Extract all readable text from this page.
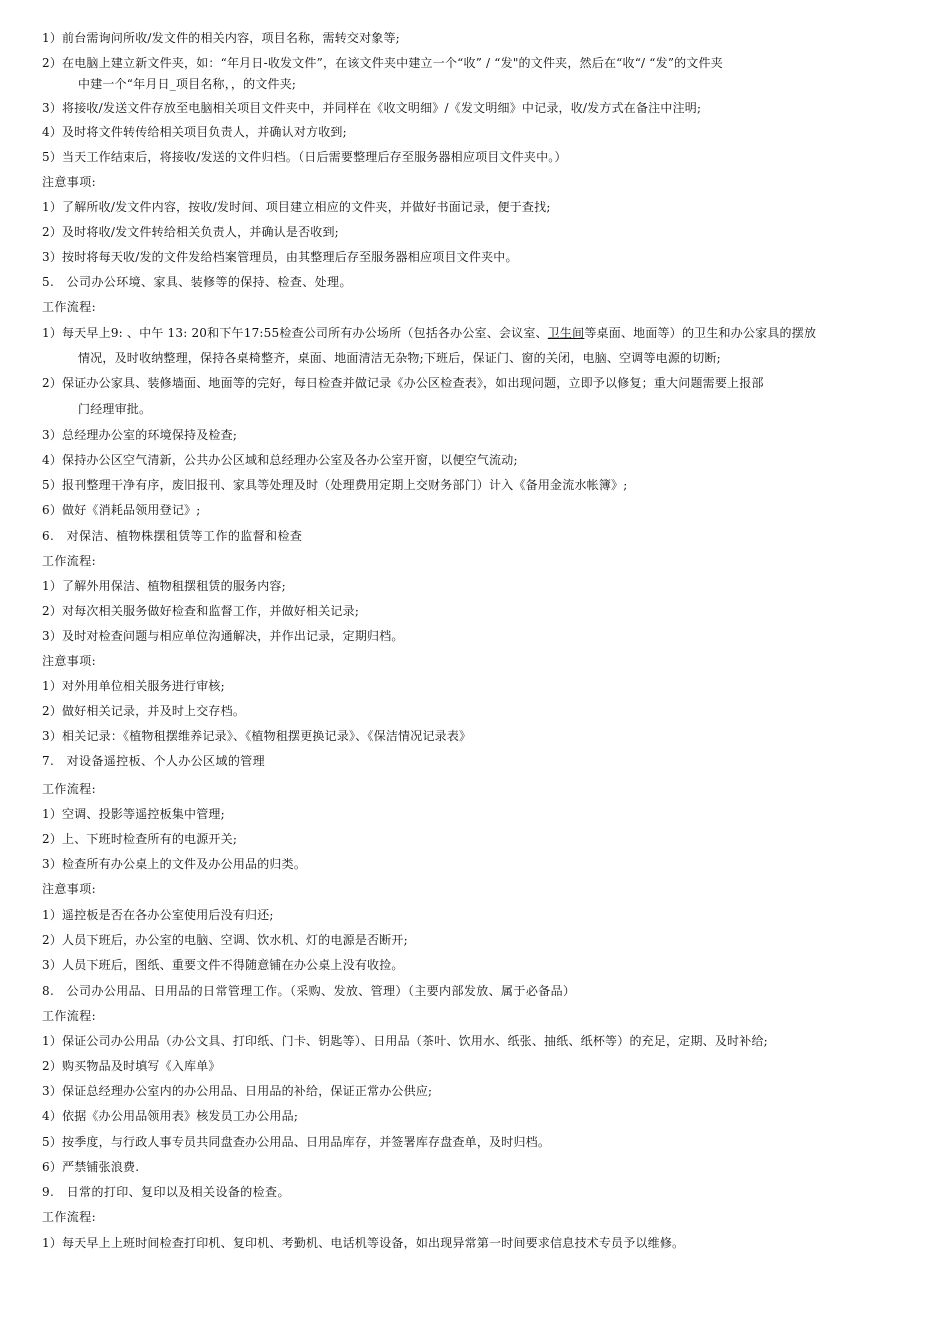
1）前台需询问所收/发文件的相关内容，项目名称，需转交对象等;
2）在电脑上建立新文件夹，如：“年月日-收发文件”，在该文件夹中建立一个“收” / “发"的文件夹，然后在“收“/ “发”的文件夹
中建一个“年月日_项目名称，，的文件夹;
3）将接收/发送文件存放至电脑相关项目文件夹中，并同样在《收文明细》/《发文明细》中记录，收/发方式在备注中注明;
4）及时将文件转传给相关项目负责人，并确认对方收到;
5）当天工作结束后，将接收/发送的文件归档。（日后需要整理后存至服务器相应项目文件夹中。）
注意事项:
1）了解所收/发文件内容，按收/发时间、项目建立相应的文件夹，并做好书面记录，便于查找;
2）及时将收/发文件转给相关负责人，并确认是否收到;
3）按时将每天收/发的文件发给档案管理员，由其整理后存至服务器相应项目文件夹中。
5.　公司办公环境、家具、装修等的保持、检查、处理。
工作流程:
1）每天早上9: 、中午 13: 20和下午17:55检查公司所有办公场所（包括各办公室、会议室、卫生间等桌面、地面等）的卫生和办公家具的摆放
情况，及时收纳整理，保持各桌椅整齐，桌面、地面清洁无杂物;下班后，保证门、窗的关闭，电脑、空调等电源的切断;
2）保证办公家具、装修墙面、地面等的完好，每日检查并做记录《办公区检查表》，如出现问题，立即予以修复；重大问题需要上报部
门经理审批。
3）总经理办公室的环境保持及检查;
4）保持办公区空气清新，公共办公区域和总经理办公室及各办公室开窗，以便空气流动;
5）报刊整理干净有序，废旧报刊、家具等处理及时（处理费用定期上交财务部门）计入《备用金流水帐簿》;
6）做好《消耗品领用登记》;
6.　对保洁、植物株摆租赁等工作的监督和检查
工作流程:
1）了解外用保洁、植物租摆租赁的服务内容;
2）对每次相关服务做好检查和监督工作，并做好相关记录;
3）及时对检查问题与相应单位沟通解决，并作出记录，定期归档。
注意事项:
1）对外用单位相关服务进行审核;
2）做好相关记录，并及时上交存档。
3）相关记录：《植物租摆维养记录》、《植物租摆更换记录》、《保洁情况记录表》
7.　对设备遥控板、个人办公区域的管理
工作流程:
1）空调、投影等遥控板集中管理;
2）上、下班时检查所有的电源开关;
3）检查所有办公桌上的文件及办公用品的归类。
注意事项:
1）遥控板是否在各办公室使用后没有归还;
2）人员下班后，办公室的电脑、空调、饮水机、灯的电源是否断开;
3）人员下班后，图纸、重要文件不得随意铺在办公桌上没有收捡。
8.　公司办公用品、日用品的日常管理工作。（采购、发放、管理）（主要内部发放、属于必备品）
工作流程:
1）保证公司办公用品（办公文具、打印纸、门卡、钥匙等）、日用品（茶叶、饮用水、纸张、抽纸、纸杯等）的充足，定期、及时补给;
2）购买物品及时填写《入库单》
3）保证总经理办公室内的办公用品、日用品的补给，保证正常办公供应;
4）依据《办公用品领用表》核发员工办公用品;
5）按季度，与行政人事专员共同盘查办公用品、日用品库存，并签署库存盘查单，及时归档。
6）严禁铺张浪费.
9.　日常的打印、复印以及相关设备的检查。
工作流程:
1）每天早上上班时间检查打印机、复印机、考勤机、电话机等设备，如出现异常第一时间要求信息技术专员予以维修。
